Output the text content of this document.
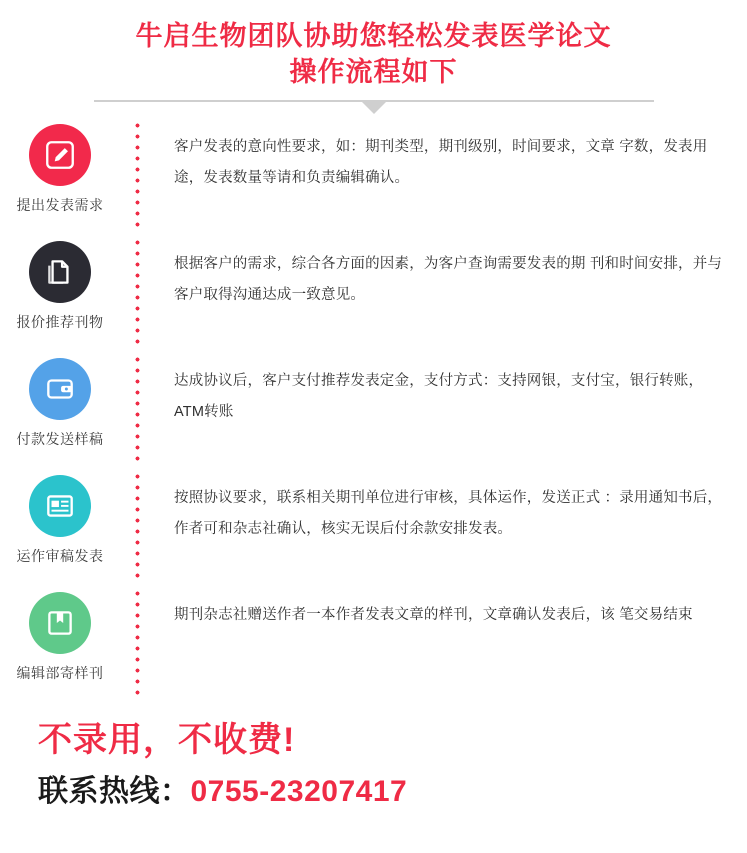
牛启生物团队协助您轻松发表医学论文
操作流程如下
提出发表需求
客户发表的意向性要求，如：期刊类型，期刊级别，时间要求，文章 字数，发表用途，发表数量等请和负责编辑确认。
报价推荐刊物
根据客户的需求，综合各方面的因素，为客户查询需要发表的期 刊和时间安排，并与客户取得沟通达成一致意见。
付款发送样稿
达成协议后，客户支付推荐发表定金，支付方式：支持网银，支付宝，银行转账，ATM转账
运作审稿发表
按照协议要求，联系相关期刊单位进行审核，具体运作，发送正式 ：录用通知书后，作者可和杂志社确认，核实无误后付余款安排发表。
编辑部寄样刊
期刊杂志社赠送作者一本作者发表文章的样刊，文章确认发表后，该 笔交易结束
不录用，不收费!
联系热线：0755-23207417
